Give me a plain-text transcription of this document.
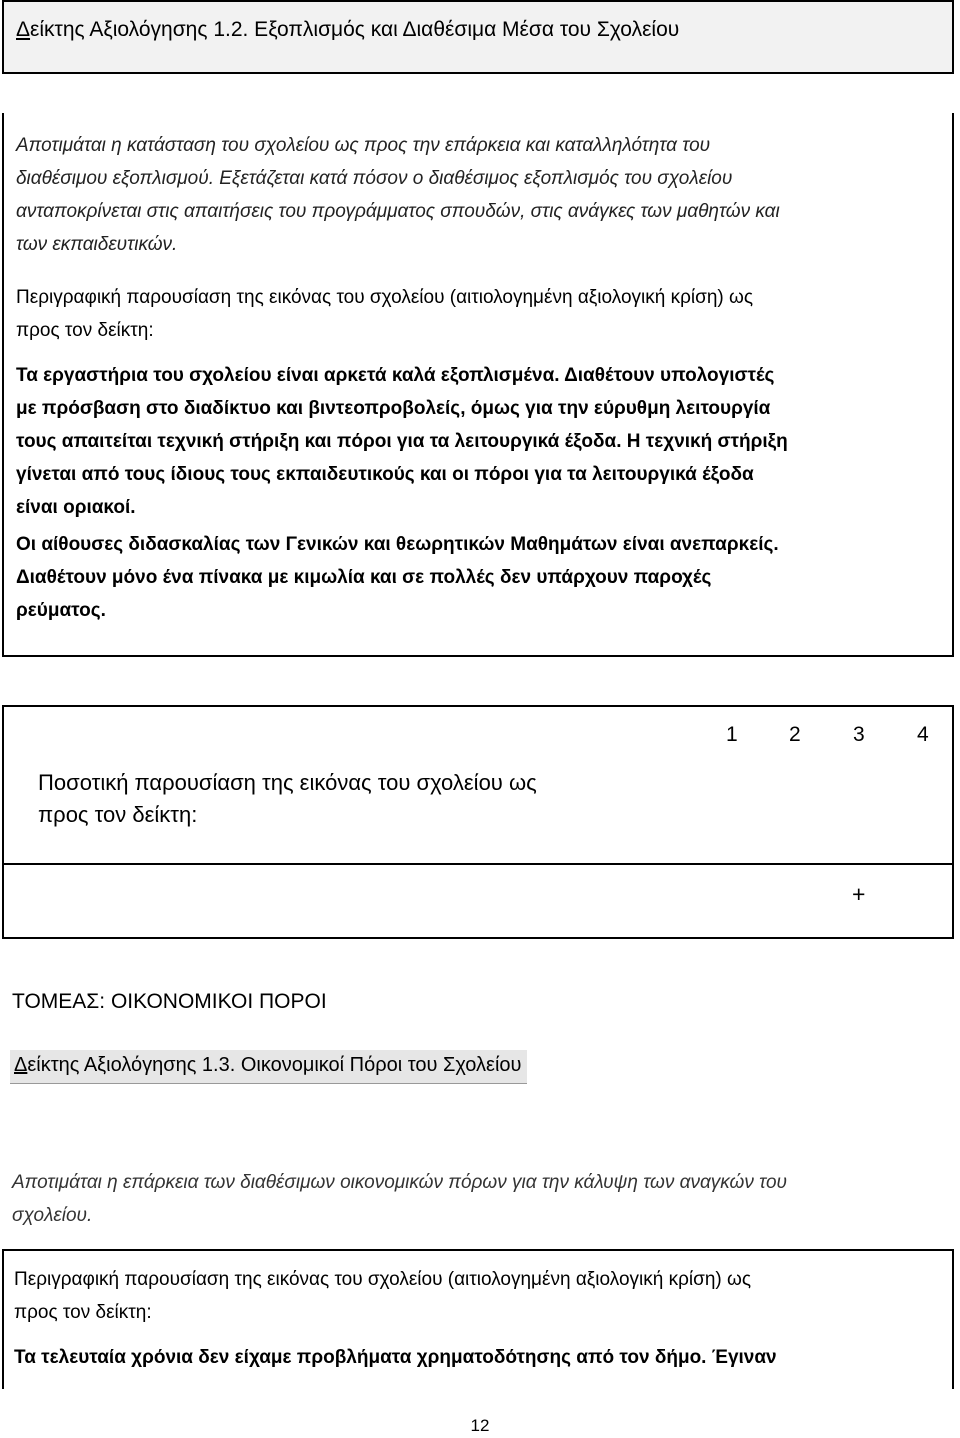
Δείκτης Αξιολόγησης 1.2. Εξοπλισμός και Διαθέσιμα Μέσα του Σχολείου
Αποτιμάται η κατάσταση του σχολείου ως προς την επάρκεια και καταλληλότητα του
διαθέσιμου εξοπλισμού. Εξετάζεται κατά πόσον ο διαθέσιμος εξοπλισμός του σχολείου
ανταποκρίνεται στις απαιτήσεις του προγράμματος σπουδών, στις ανάγκες των μαθητών και
των εκπαιδευτικών.
Περιγραφική παρουσίαση της εικόνας του σχολείου (αιτιολογημένη αξιολογική κρίση) ως
προς τον δείκτη:
Τα εργαστήρια του σχολείου είναι αρκετά καλά εξοπλισμένα. Διαθέτουν υπολογιστές
με πρόσβαση στο διαδίκτυο και βιντεοπροβολείς, όμως για την εύρυθμη λειτουργία
τους απαιτείται τεχνική στήριξη και πόροι για τα λειτουργικά έξοδα. Η τεχνική στήριξη
γίνεται από τους ίδιους τους εκπαιδευτικούς και οι πόροι για τα λειτουργικά έξοδα
είναι οριακοί.
Οι αίθουσες διδασκαλίας των Γενικών και θεωρητικών Μαθημάτων είναι ανεπαρκείς.
Διαθέτουν μόνο ένα πίνακα με κιμωλία και σε πολλές δεν υπάρχουν παροχές
ρεύματος.
Ποσοτική παρουσίαση της εικόνας του σχολείου ως
προς τον δείκτη:
1 2 3 4
+
ΤΟΜΕΑΣ: ΟΙΚΟΝΟΜΙΚΟΙ ΠΟΡΟΙ
Δείκτης Αξιολόγησης 1.3. Οικονομικοί Πόροι του Σχολείου
Αποτιμάται η επάρκεια των διαθέσιμων οικονομικών πόρων για την κάλυψη των αναγκών του
σχολείου.
Περιγραφική παρουσίαση της εικόνας του σχολείου (αιτιολογημένη αξιολογική κρίση) ως
προς τον δείκτη:
Τα τελευταία χρόνια δεν είχαμε προβλήματα χρηματοδότησης από τον δήμο. Έγιναν
12
